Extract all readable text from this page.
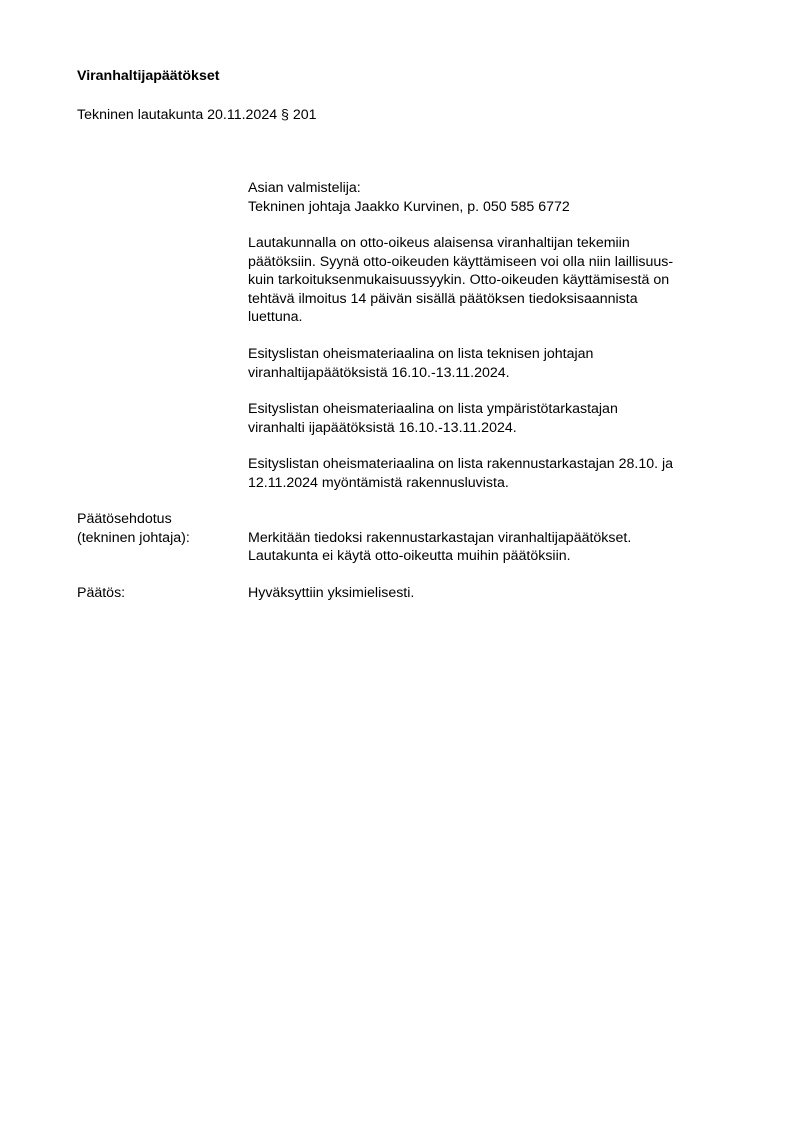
Viranhaltijapäätökset
Tekninen lautakunta 20.11.2024 § 201
Asian valmistelija:
Tekninen johtaja Jaakko Kurvinen, p. 050 585 6772
Lautakunnalla on otto-oikeus alaisensa viranhaltijan tekemiin
päätöksiin. Syynä otto-oikeuden käyttämiseen voi olla niin laillisuus-
kuin tarkoituksenmukaisuussyykin. Otto-oikeuden käyttämisestä on
tehtävä ilmoitus 14 päivän sisällä päätöksen tiedoksisaannista
luettuna.
Esityslistan oheismateriaalina on lista teknisen johtajan
viranhaltijapäätöksistä 16.10.-13.11.2024.
Esityslistan oheismateriaalina on lista ympäristötarkastajan
viranhalti ijapäätöksistä 16.10.-13.11.2024.
Esityslistan oheismateriaalina on lista rakennustarkastajan 28.10. ja
12.11.2024 myöntämistä rakennusluvista.
Päätösehdotus
(tekninen johtaja):	Merkitään tiedoksi rakennustarkastajan viranhaltijapäätökset.
Lautakunta ei käytä otto-oikeutta muihin päätöksiin.
Päätös:	Hyväksyttiin yksimielisesti.
